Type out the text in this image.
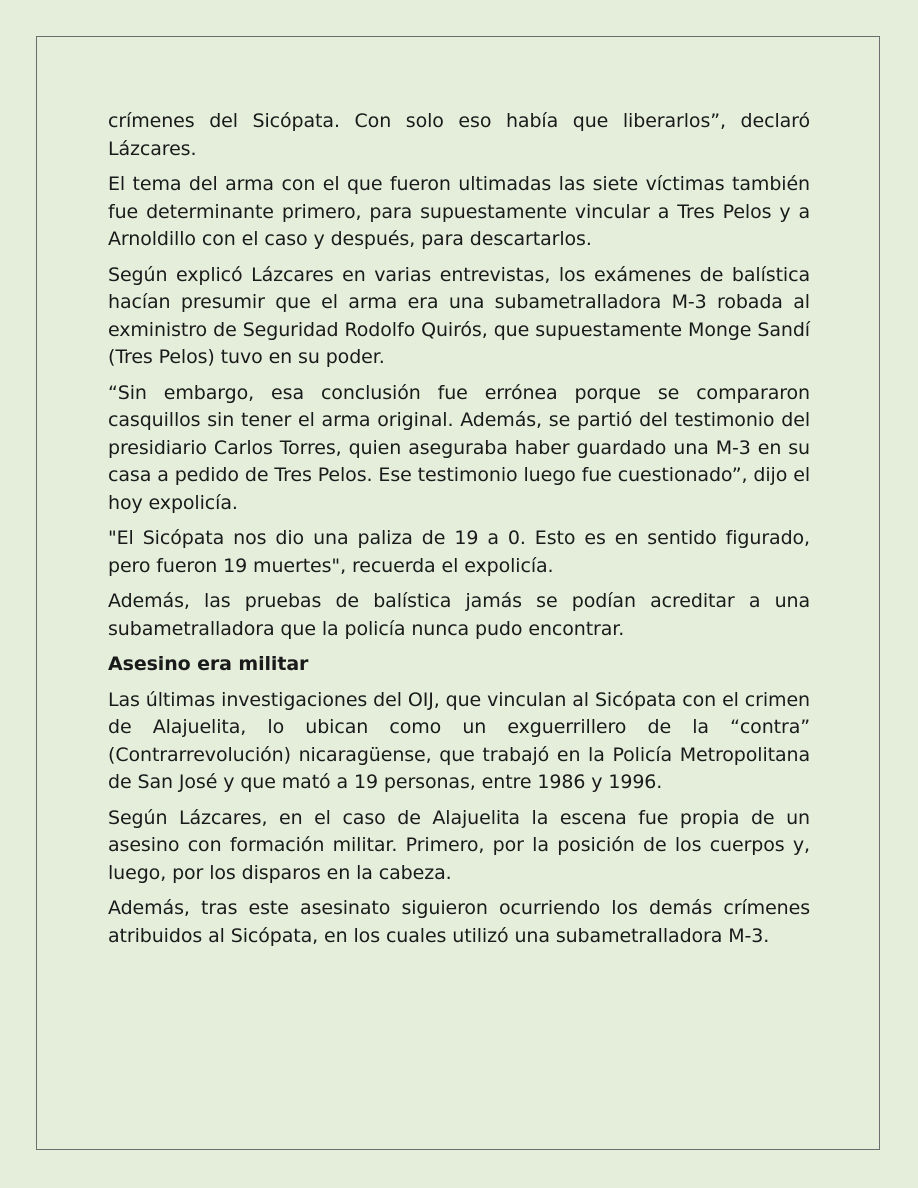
crímenes del Sicópata. Con solo eso había que liberarlos”, declaró Lázcares.

El tema del arma con el que fueron ultimadas las siete víctimas también fue determinante primero, para supuestamente vincular a Tres Pelos y a Arnoldillo con el caso y después, para descartarlos.

Según explicó Lázcares en varias entrevistas, los exámenes de balística hacían presumir que el arma era una subametralladora M-3 robada al exministro de Seguridad Rodolfo Quirós, que supuestamente Monge Sandí (Tres Pelos) tuvo en su poder.

“Sin embargo, esa conclusión fue errónea porque se compararon casquillos sin tener el arma original. Además, se partió del testimonio del presidiario Carlos Torres, quien aseguraba haber guardado una M-3 en su casa a pedido de Tres Pelos. Ese testimonio luego fue cuestionado”, dijo el hoy expolicía.

"El Sicópata nos dio una paliza de 19 a 0. Esto es en sentido figurado, pero fueron 19 muertes", recuerda el expolicía.

Además, las pruebas de balística jamás se podían acreditar a una subametralladora que la policía nunca pudo encontrar.

Asesino era militar

Las últimas investigaciones del OIJ, que vinculan al Sicópata con el crimen de Alajuelita, lo ubican como un exguerrillero de la “contra” (Contrarrevolución) nicaragüense, que trabajó en la Policía Metropolitana de San José y que mató a 19 personas, entre 1986 y 1996.

Según Lázcares, en el caso de Alajuelita la escena fue propia de un asesino con formación militar. Primero, por la posición de los cuerpos y, luego, por los disparos en la cabeza.

Además, tras este asesinato siguieron ocurriendo los demás crímenes atribuidos al Sicópata, en los cuales utilizó una subametralladora M-3.
